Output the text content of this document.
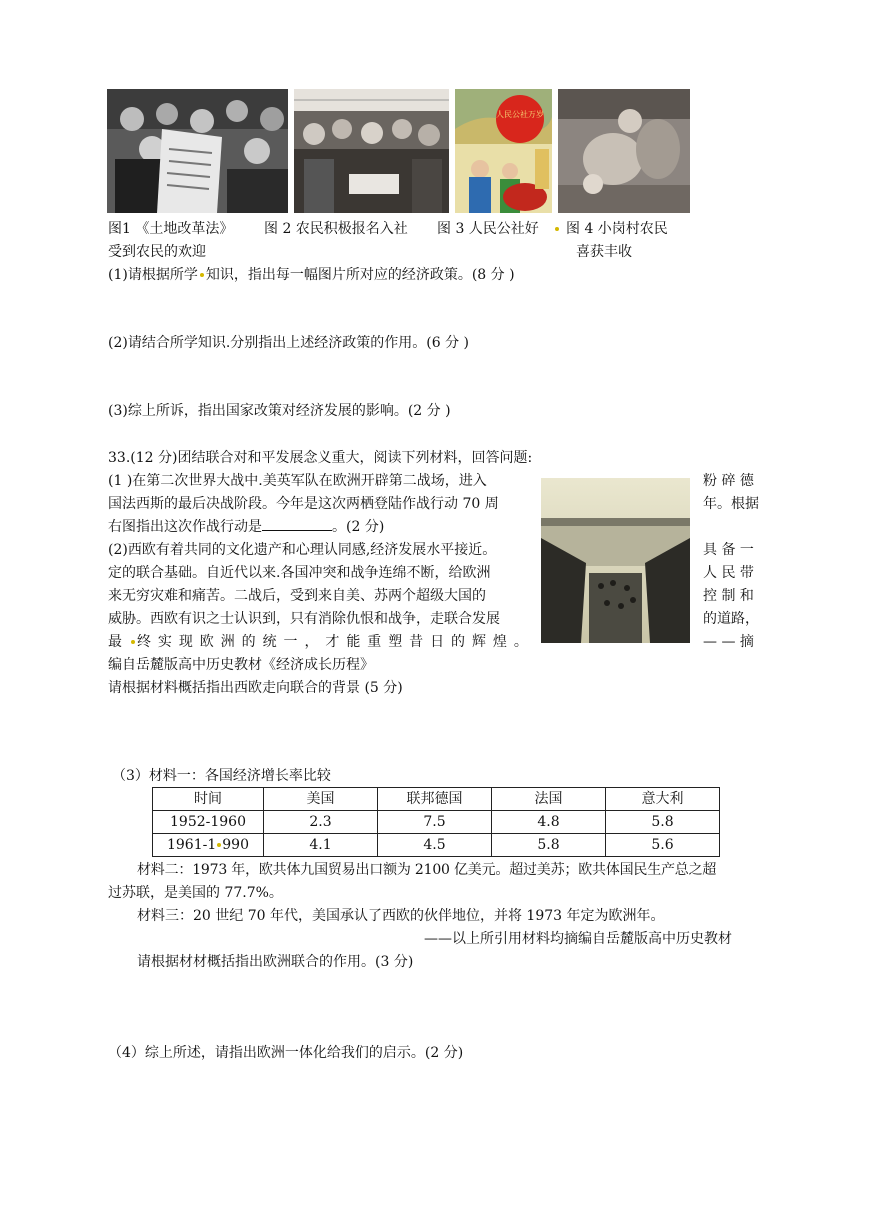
人民公社万岁
图1 《土地改革法》 图 2 农民积极报名入社 图 3 人民公社好 图 4 小岗村农民
受到农民的欢迎	喜获丰收
(1)请根据所学 知识，指出每一幅图片所对应的经济政策。(8 分 )
(2)请结合所学知识.分别指出上述经济政策的作用。(6 分 )
(3)综上所诉，指出国家改策对经济发展的影响。(2 分 )
33.(12 分)团结联合对和平发展念义重大，阅读下列材料，回答问题:
(1 )在第二次世界大战中.美英军队在欧洲开辟第二战场，进入	粉 碎 德
国法西斯的最后决战阶段。今年是这次两栖登陆作战行动 70 周	年。根据
右图指出这次作战行动是	。(2 分)
(2)西欧有着共同的文化遗产和心理认同感,经济发展水平接近。	具 备 一
定的联合基础。自近代以来.各国冲突和战争连绵不断，给欧洲	人 民 带
来无穷灾难和痛苦。二战后，受到来自美、苏两个超级大国的	控 制 和
威胁。西欧有识之士认识到，只有消除仇恨和战争，走联合发展	的道路，
最	终 实 现 欧 洲 的 统 一 ， 才 能 重 塑 昔 日 的 辉 煌 。	— — 摘
编自岳麓版高中历史教材《经济成长历程》
请根据材料概括指出西欧走向联合的背景 (5 分)
（3）材料一：各国经济增长率比较
时间	美国	联邦德国	法国	意大利
1952-1960	2.3	7.5	4.8	5.8
1961-1 990	4.1	4.5	5.8	5.6
材料二：1973 年，欧共体九国贸易出口额为 2100 亿美元。超过美苏；欧共体国民生产总之超
过苏联，是美国的 77.7%。
材料三：20 世纪 70 年代，美国承认了西欧的伙伴地位，并将 1973 年定为欧洲年。
——以上所引用材料均摘编自岳麓版高中历史教材
请根据材材概括指出欧洲联合的作用。(3 分)
（4）综上所述，请指出欧洲一体化给我们的启示。(2 分)
